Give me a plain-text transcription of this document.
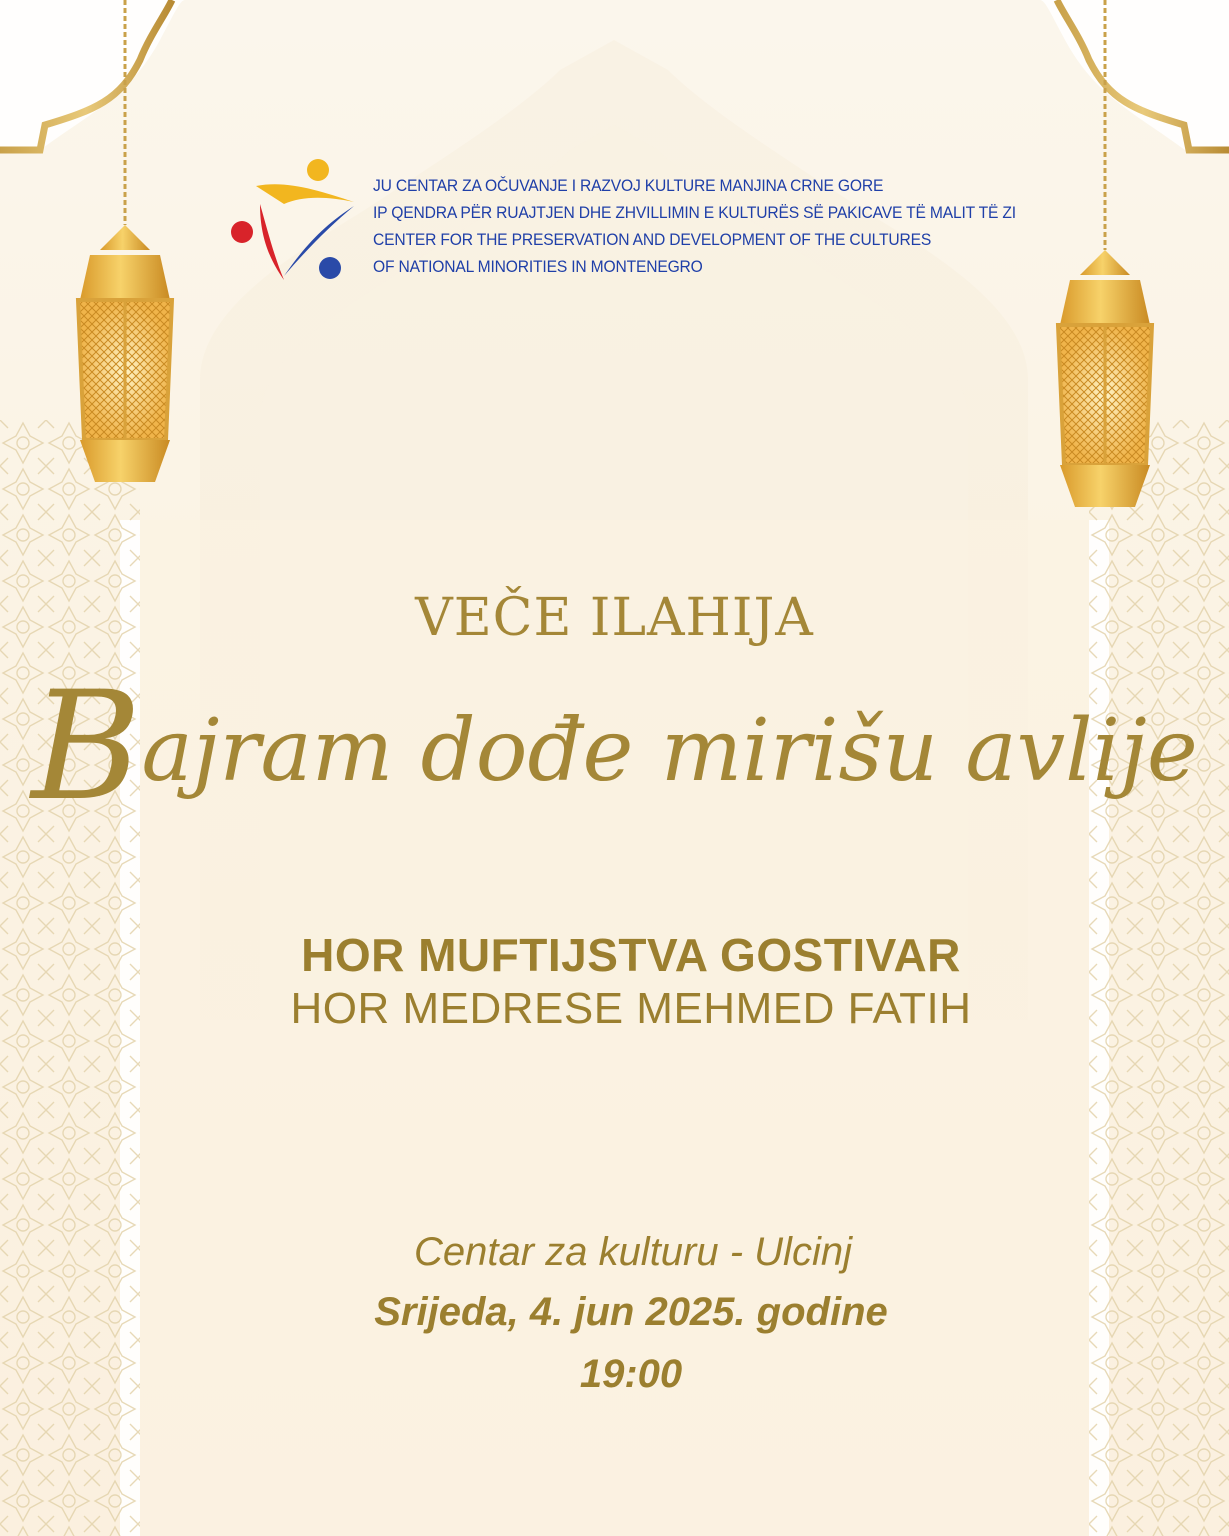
JU CENTAR ZA OČUVANJE I RAZVOJ KULTURE MANJINA CRNE GORE
IP QENDRA PËR RUAJTJEN DHE ZHVILLIMIN E KULTURËS SË PAKICAVE TË MALIT TË ZI
CENTER FOR THE PRESERVATION AND DEVELOPMENT OF THE CULTURES
OF NATIONAL MINORITIES IN MONTENEGRO
VEČE ILAHIJA
Bajram dođe mirišu avlije
HOR MUFTIJSTVA GOSTIVAR
HOR MEDRESE MEHMED FATIH
Centar za kulturu - Ulcinj
Srijeda, 4. jun 2025. godine
19:00
